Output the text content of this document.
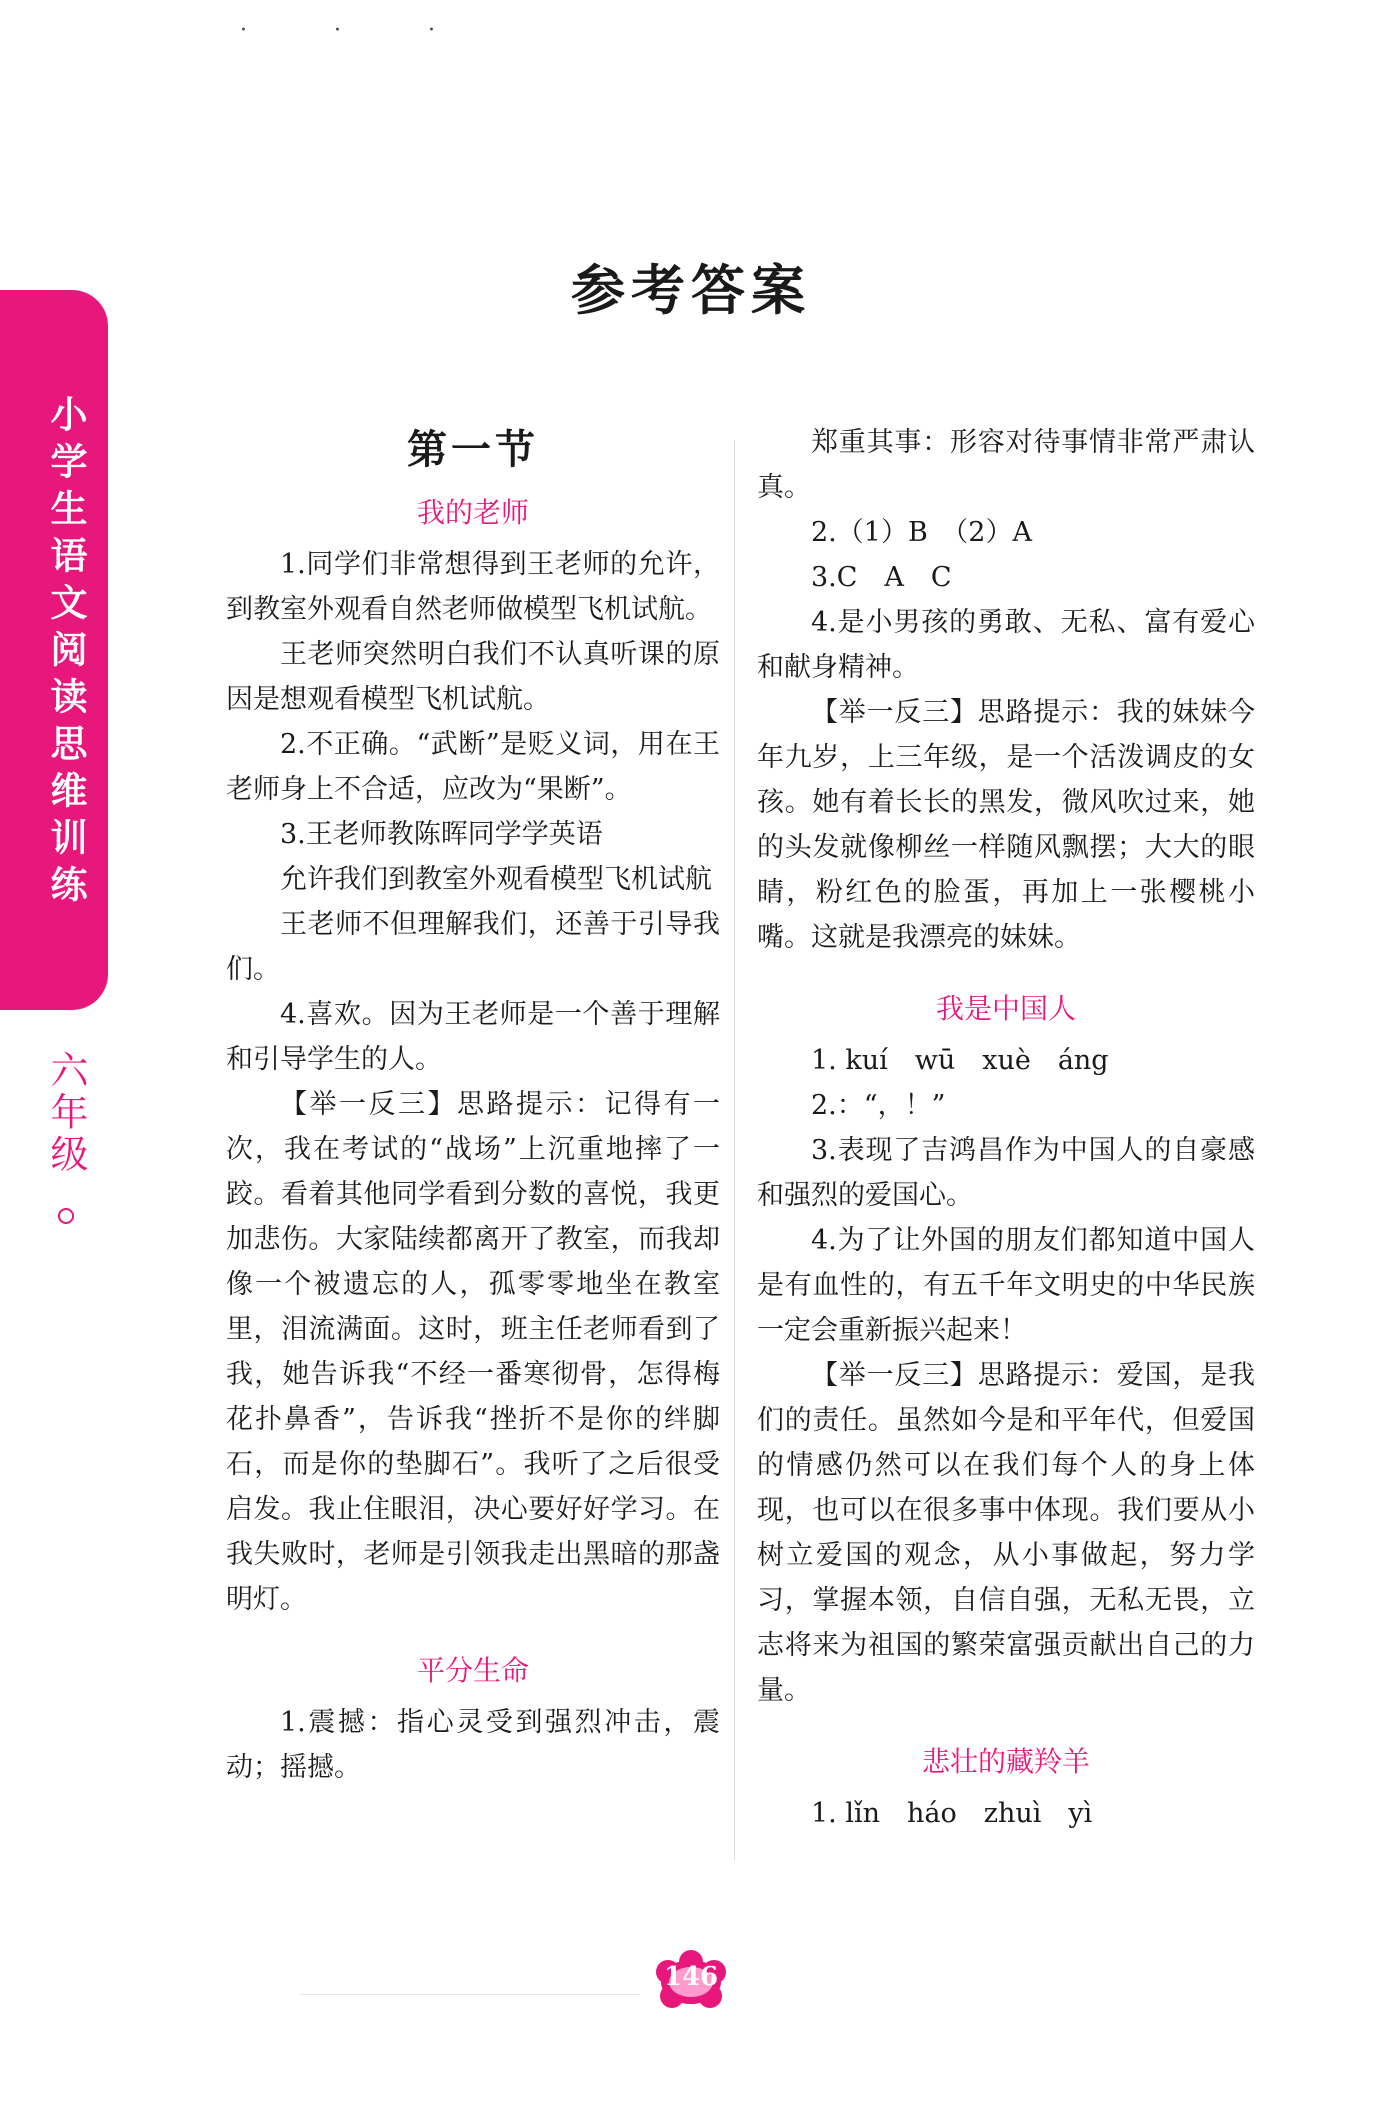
· · ·
小学生语文阅读思维训练
六年级
参考答案
第一节
我的老师

1.同学们非常想得到王老师的允许，到教室外观看自然老师做模型飞机试航。

王老师突然明白我们不认真听课的原因是想观看模型飞机试航。

2.不正确。“武断”是贬义词，用在王老师身上不合适，应改为“果断”。

3.王老师教陈晖同学学英语

允许我们到教室外观看模型飞机试航

王老师不但理解我们，还善于引导我们。

4.喜欢。因为王老师是一个善于理解和引导学生的人。

【举一反三】思路提示：记得有一次，我在考试的“战场”上沉重地摔了一跤。看着其他同学看到分数的喜悦，我更加悲伤。大家陆续都离开了教室，而我却像一个被遗忘的人，孤零零地坐在教室里，泪流满面。这时，班主任老师看到了我，她告诉我“不经一番寒彻骨，怎得梅花扑鼻香”，告诉我“挫折不是你的绊脚石，而是你的垫脚石”。我听了之后很受启发。我止住眼泪，决心要好好学习。在我失败时，老师是引领我走出黑暗的那盏明灯。

平分生命

1.震撼：指心灵受到强烈冲击，震动；摇撼。

郑重其事：形容对待事情非常严肃认真。

2.（1）B　（2）A

3.C　A　C

4.是小男孩的勇敢、无私、富有爱心和献身精神。

【举一反三】思路提示：我的妹妹今年九岁，上三年级，是一个活泼调皮的女孩。她有着长长的黑发，微风吹过来，她的头发就像柳丝一样随风飘摆；大大的眼睛，粉红色的脸蛋，再加上一张樱桃小嘴。这就是我漂亮的妹妹。

我是中国人

1. kuí　wū　xuè　áng

2.：“，！”

3.表现了吉鸿昌作为中国人的自豪感和强烈的爱国心。

4.为了让外国的朋友们都知道中国人是有血性的，有五千年文明史的中华民族一定会重新振兴起来！

【举一反三】思路提示：爱国，是我们的责任。虽然如今是和平年代，但爱国的情感仍然可以在我们每个人的身上体现，也可以在很多事中体现。我们要从小树立爱国的观念，从小事做起，努力学习，掌握本领，自信自强，无私无畏，立志将来为祖国的繁荣富强贡献出自己的力量。

悲壮的藏羚羊

1. lǐn　háo　zhuì　yì

146
